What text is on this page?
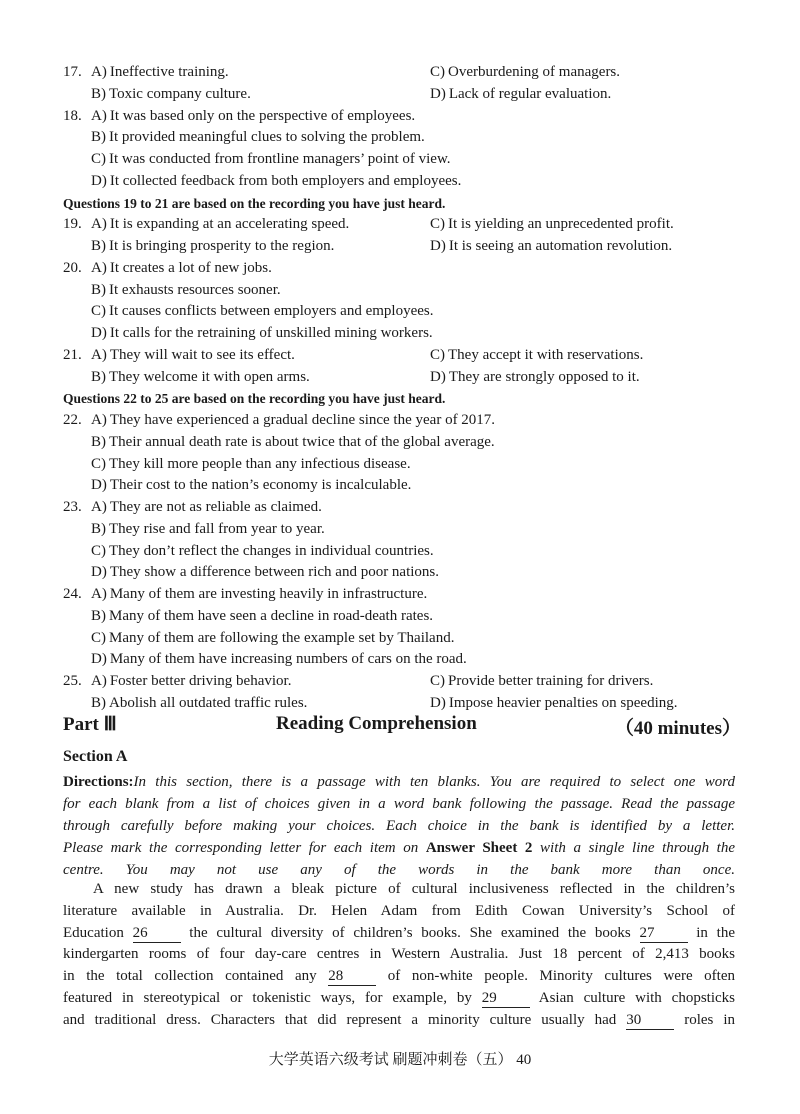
17. A) Ineffective training.	C) Overburdening of managers.
B) Toxic company culture.	D) Lack of regular evaluation.
18. A) It was based only on the perspective of employees.
B) It provided meaningful clues to solving the problem.
C) It was conducted from frontline managers’ point of view.
D) It collected feedback from both employers and employees.
Questions 19 to 21 are based on the recording you have just heard.
19. A) It is expanding at an accelerating speed.	C) It is yielding an unprecedented profit.
B) It is bringing prosperity to the region.	D) It is seeing an automation revolution.
20. A) It creates a lot of new jobs.
B) It exhausts resources sooner.
C) It causes conflicts between employers and employees.
D) It calls for the retraining of unskilled mining workers.
21. A) They will wait to see its effect.	C) They accept it with reservations.
B) They welcome it with open arms.	D) They are strongly opposed to it.
Questions 22 to 25 are based on the recording you have just heard.
22. A) They have experienced a gradual decline since the year of 2017.
B) Their annual death rate is about twice that of the global average.
C) They kill more people than any infectious disease.
D) Their cost to the nation’s economy is incalculable.
23. A) They are not as reliable as claimed.
B) They rise and fall from year to year.
C) They don’t reflect the changes in individual countries.
D) They show a difference between rich and poor nations.
24. A) Many of them are investing heavily in infrastructure.
B) Many of them have seen a decline in road-death rates.
C) Many of them are following the example set by Thailand.
D) Many of them have increasing numbers of cars on the road.
25. A) Foster better driving behavior.	C) Provide better training for drivers.
B) Abolish all outdated traffic rules.	D) Impose heavier penalties on speeding.
Part Ⅲ	Reading Comprehension	（40 minutes）
Section A
Directions:In this section, there is a passage with ten blanks. You are required to select one word
for each blank from a list of choices given in a word bank following the passage. Read the passage
through carefully before making your choices. Each choice in the bank is identified by a letter.
Please mark the corresponding letter for each item on Answer Sheet 2 with a single line through the
centre. You may not use any of the words in the bank more than once.
A new study has drawn a bleak picture of cultural inclusiveness reflected in the children’s
literature available in Australia. Dr. Helen Adam from Edith Cowan University’s School of
Education 26 the cultural diversity of children’s books. She examined the books 27 in the
kindergarten rooms of four day-care centres in Western Australia. Just 18 percent of 2,413 books
in the total collection contained any 28 of non-white people. Minority cultures were often
featured in stereotypical or tokenistic ways, for example, by 29 Asian culture with chopsticks
and traditional dress. Characters that did represent a minority culture usually had 30 roles in
大学英语六级考试 刷题冲刺卷（五） 40
